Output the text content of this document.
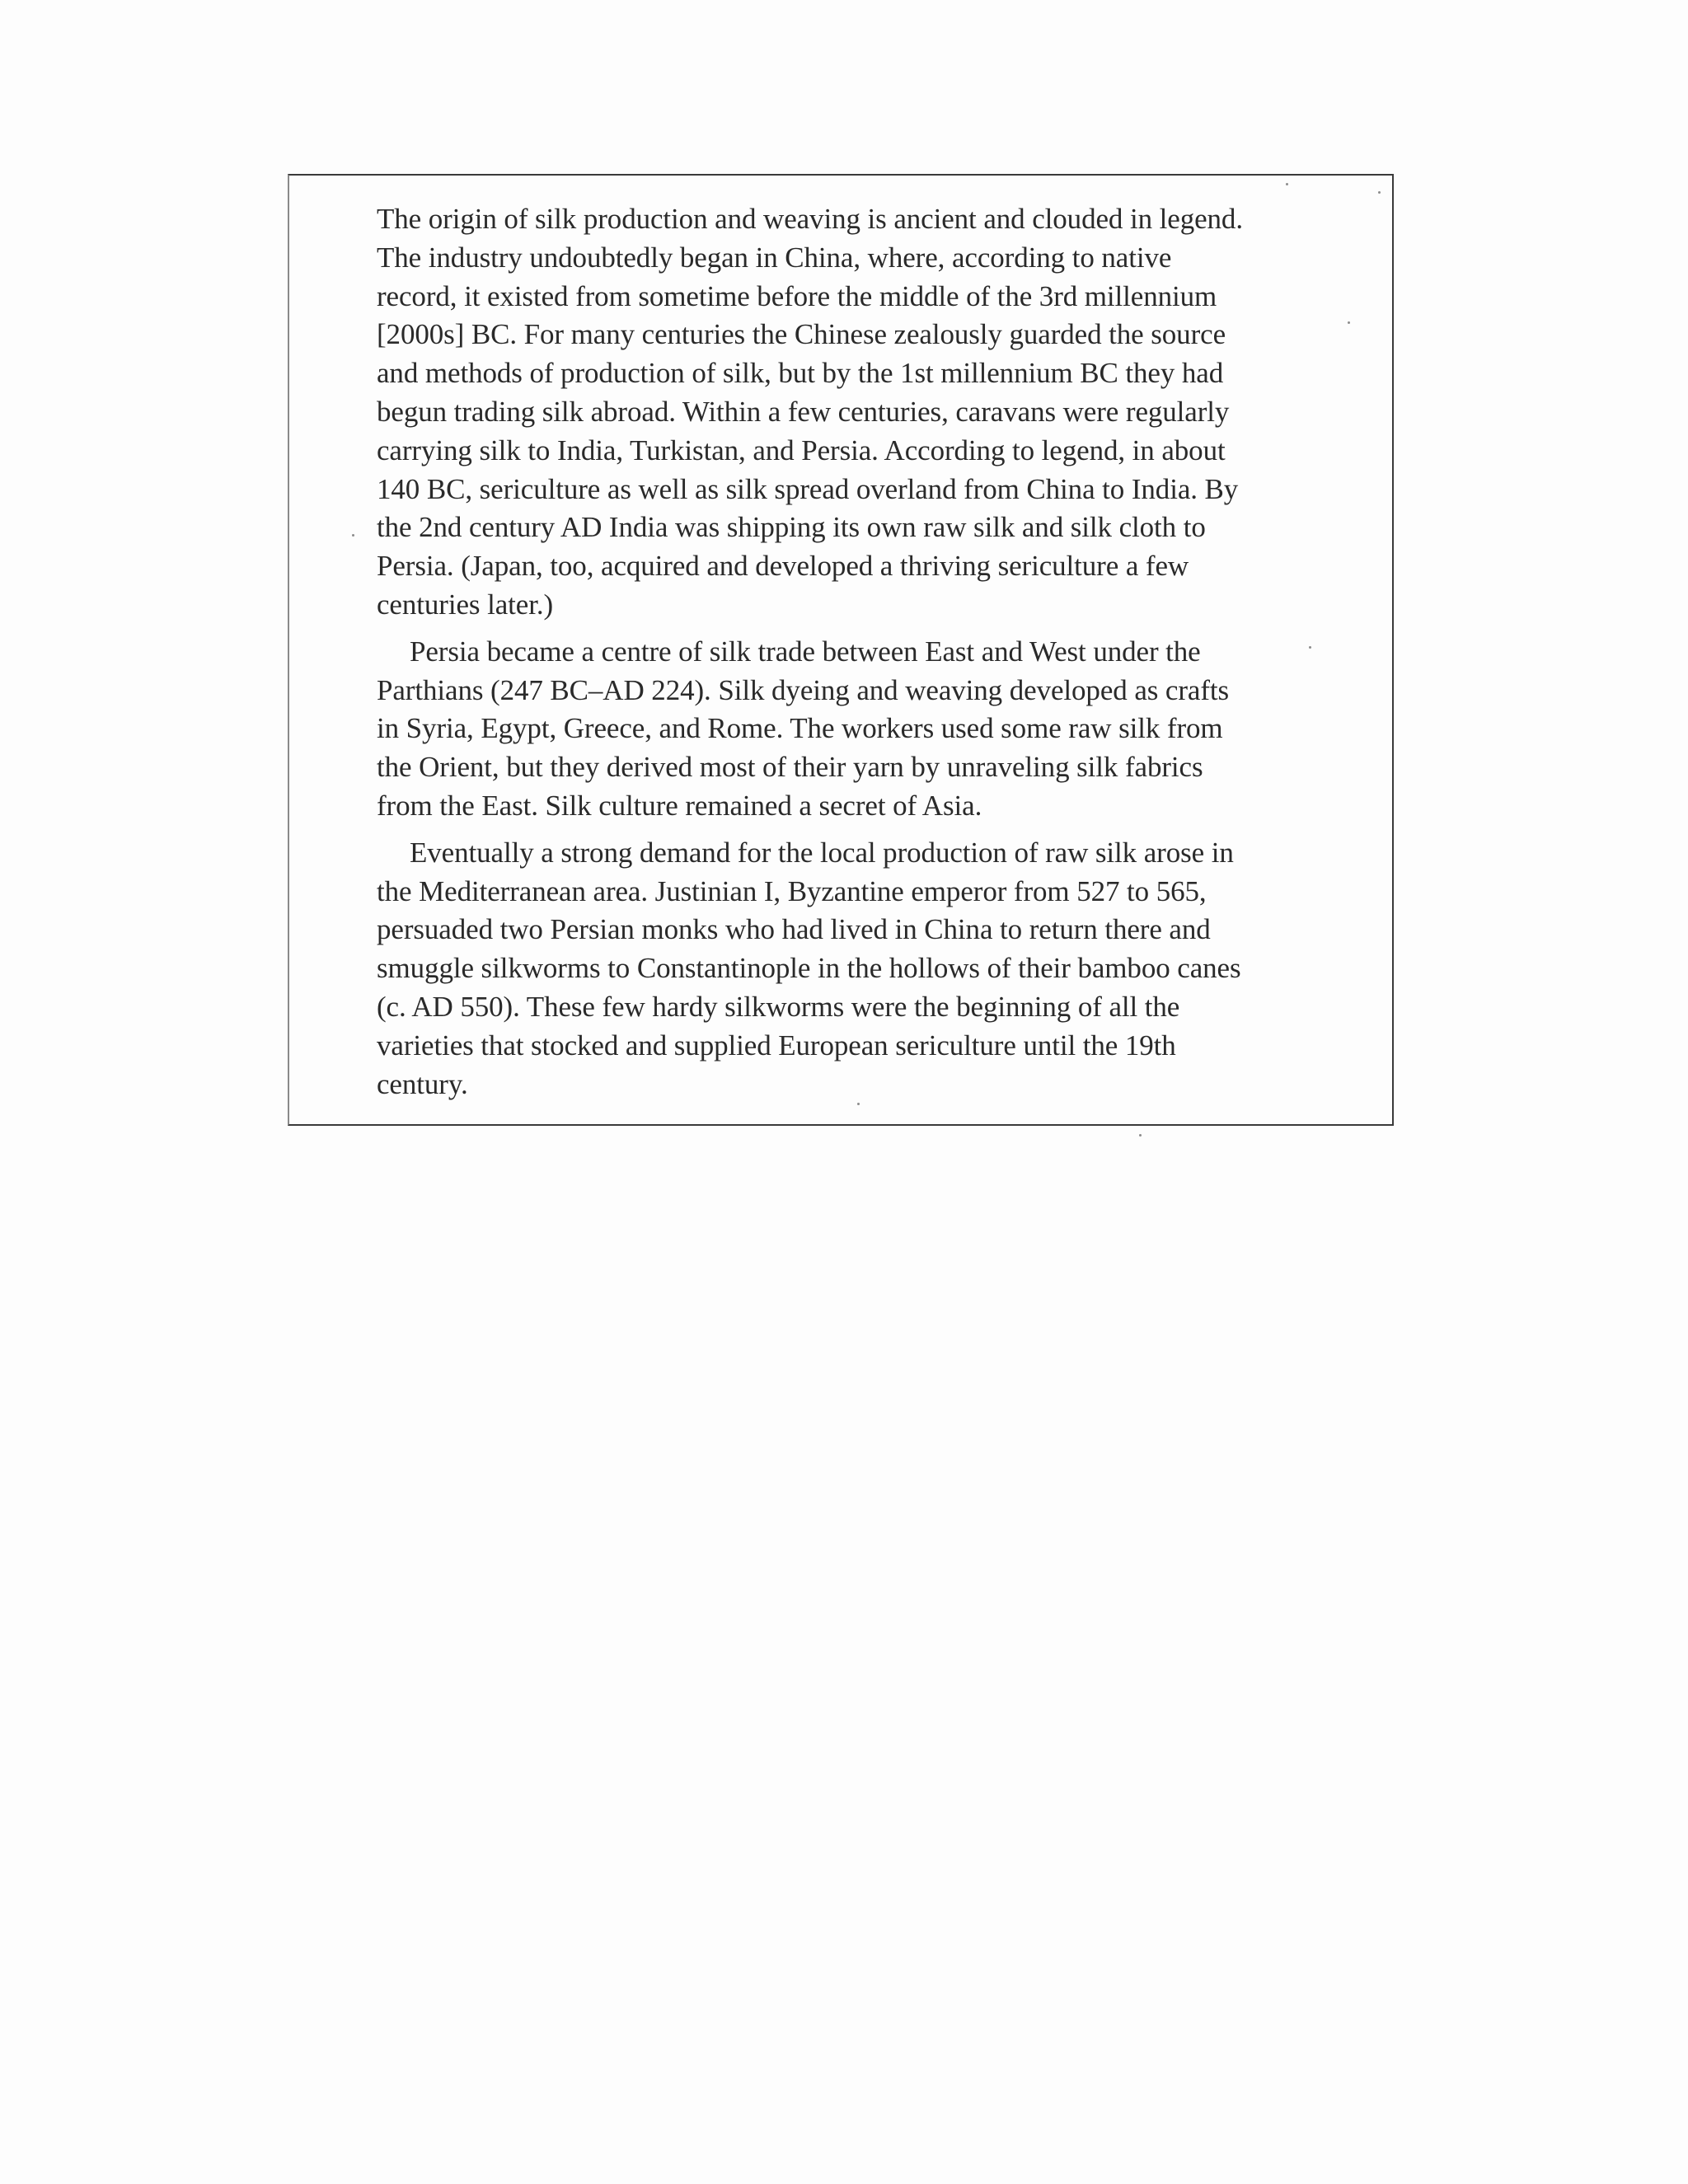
The origin of silk production and weaving is ancient and clouded in legend.
The industry undoubtedly began in China, where, according to native
record, it existed from sometime before the middle of the 3rd millennium
[2000s] BC. For many centuries the Chinese zealously guarded the source
and methods of production of silk, but by the 1st millennium BC they had
begun trading silk abroad. Within a few centuries, caravans were regularly
carrying silk to India, Turkistan, and Persia. According to legend, in about
140 BC, sericulture as well as silk spread overland from China to India. By
the 2nd century AD India was shipping its own raw silk and silk cloth to
Persia. (Japan, too, acquired and developed a thriving sericulture a few
centuries later.)

Persia became a centre of silk trade between East and West under the
Parthians (247 BC–AD 224). Silk dyeing and weaving developed as crafts
in Syria, Egypt, Greece, and Rome. The workers used some raw silk from
the Orient, but they derived most of their yarn by unraveling silk fabrics
from the East. Silk culture remained a secret of Asia.

Eventually a strong demand for the local production of raw silk arose in
the Mediterranean area. Justinian I, Byzantine emperor from 527 to 565,
persuaded two Persian monks who had lived in China to return there and
smuggle silkworms to Constantinople in the hollows of their bamboo canes
(c. AD 550). These few hardy silkworms were the beginning of all the
varieties that stocked and supplied European sericulture until the 19th
century.
